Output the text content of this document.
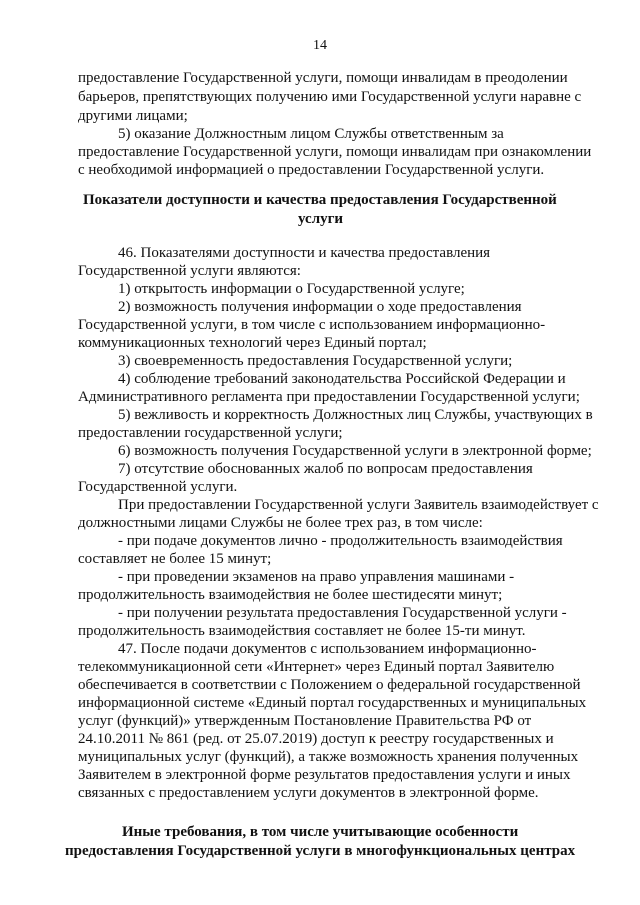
14
предоставление Государственной услуги, помощи инвалидам в преодолении
барьеров, препятствующих получению ими Государственной услуги наравне с
другими лицами;
5) оказание Должностным лицом Службы ответственным за
предоставление Государственной услуги, помощи инвалидам при ознакомлении
с необходимой информацией о предоставлении Государственной услуги.
Показатели доступности и качества предоставления Государственной
услуги
46. Показателями доступности и качества предоставления
Государственной услуги являются:
1) открытость информации о Государственной услуге;
2) возможность получения информации о ходе предоставления
Государственной услуги, в том числе с использованием информационно-
коммуникационных технологий через Единый портал;
3) своевременность предоставления Государственной услуги;
4) соблюдение требований законодательства Российской Федерации и
Административного регламента при предоставлении Государственной услуги;
5) вежливость и корректность Должностных лиц Службы, участвующих в
предоставлении государственной услуги;
6) возможность получения Государственной услуги в электронной форме;
7) отсутствие обоснованных жалоб по вопросам предоставления
Государственной услуги.
При предоставлении Государственной услуги Заявитель взаимодействует с
должностными лицами Службы не более трех раз, в том числе:
- при подаче документов лично - продолжительность взаимодействия
составляет не более 15 минут;
- при проведении экзаменов на право управления машинами -
продолжительность взаимодействия не более шестидесяти минут;
- при получении результата предоставления Государственной услуги -
продолжительность взаимодействия составляет не более 15-ти минут.
47. После подачи документов с использованием информационно-
телекоммуникационной сети «Интернет» через Единый портал Заявителю
обеспечивается в соответствии с Положением о федеральной государственной
информационной системе «Единый портал государственных и муниципальных
услуг (функций)» утвержденным Постановление Правительства РФ от
24.10.2011 № 861 (ред. от 25.07.2019) доступ к реестру государственных и
муниципальных услуг (функций), а также возможность хранения полученных
Заявителем в электронной форме результатов предоставления услуги и иных
связанных с предоставлением услуги документов в электронной форме.
Иные требования, в том числе учитывающие особенности
предоставления Государственной услуги в многофункциональных центрах
